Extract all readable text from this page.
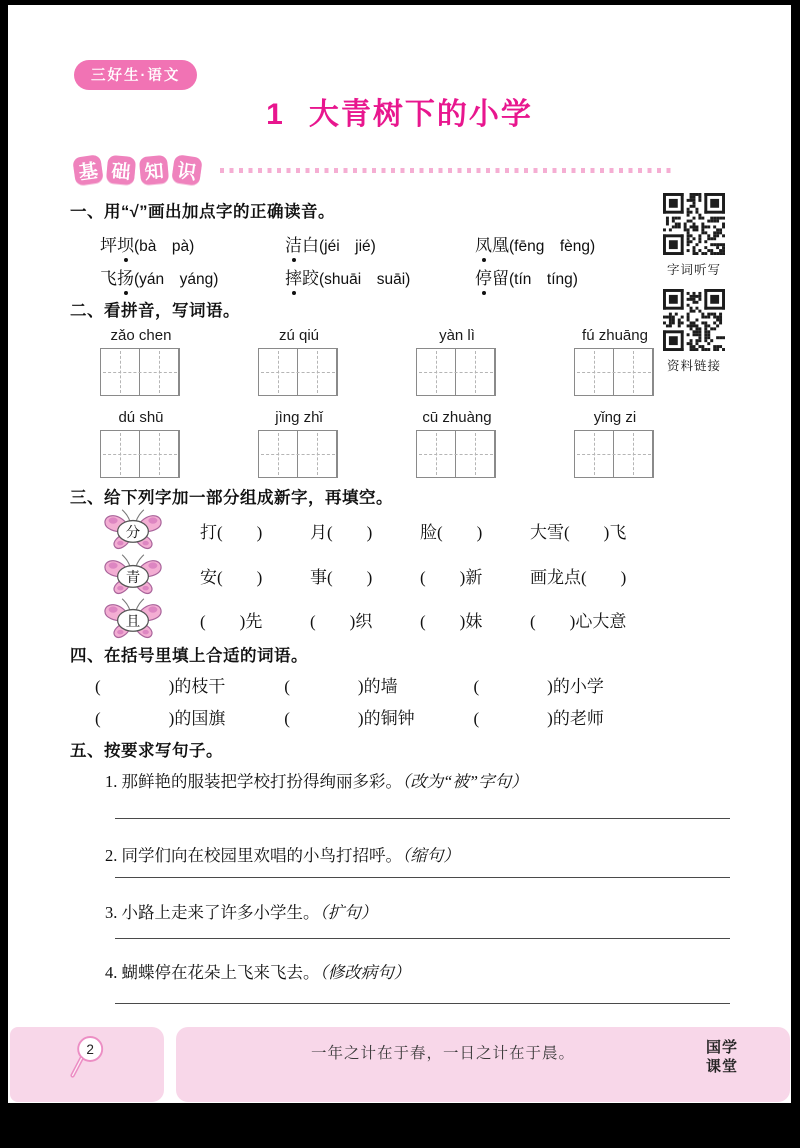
三好生·语文
1 大青树下的小学
基 础 知 识
一、用“√”画出加点字的正确读音。
坪坝(bà　pà)	洁白(jéi　jié)	凤凰(fēng　fèng)
飞扬(yán　yáng)	摔跤(shuāi　suāi)	停留(tín　tíng)
字词听写
资料链接
二、看拼音，写词语。
zǎo chen	zú qiú	yàn lì	fú zhuāng
dú shū	jìng zhǐ	cū zhuàng	yǐng zi
三、给下列字加一部分组成新字，再填空。
分	打(　　)	月(　　)	脸(　　)	大雪(　　)飞
青	安(　　)	事(　　)	(　　)新	画龙点(　　)
且	(　　)先	(　　)织	(　　)妹	(　　)心大意
四、在括号里填上合适的词语。
(　　　　)的枝干	(　　　　)的墙	(　　　　)的小学
(　　　　)的国旗	(　　　　)的铜钟	(　　　　)的老师
五、按要求写句子。
1. 那鲜艳的服装把学校打扮得绚丽多彩。（改为“被”字句）
2. 同学们向在校园里欢唱的小鸟打招呼。（缩句）
3. 小路上走来了许多小学生。（扩句）
4. 蝴蝶停在花朵上飞来飞去。（修改病句）
2	一年之计在于春，一日之计在于晨。	国学
课堂
